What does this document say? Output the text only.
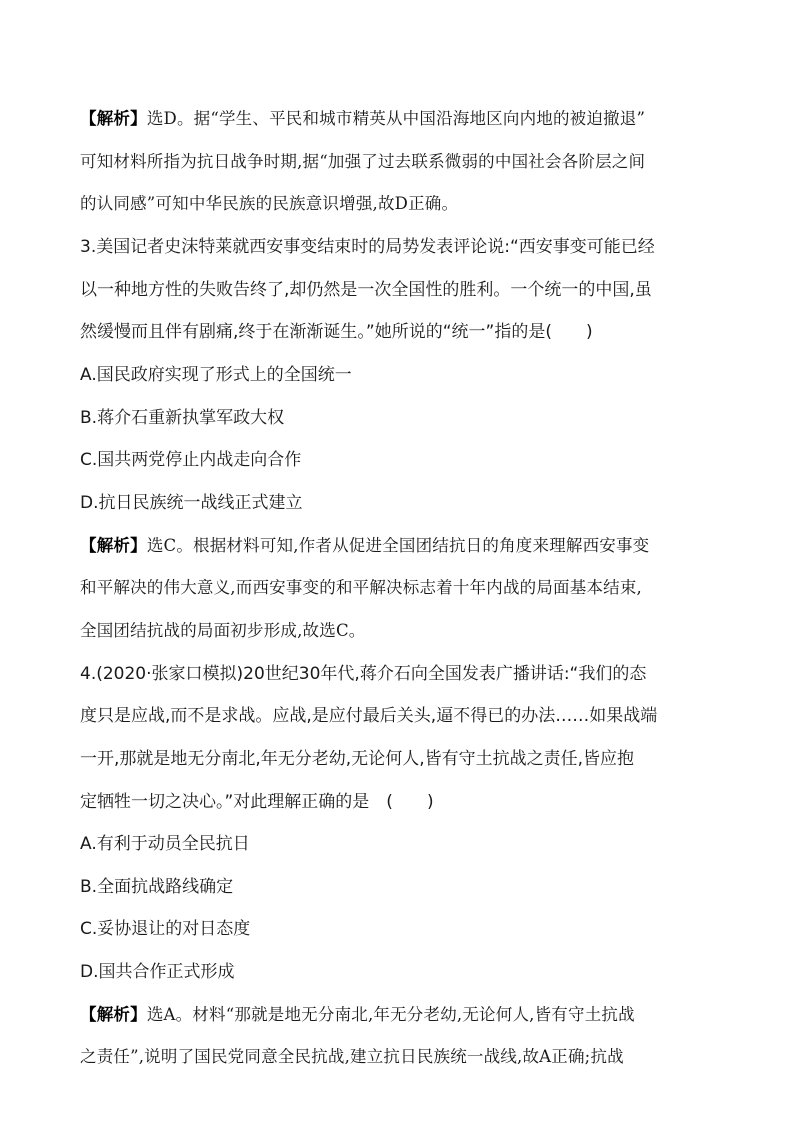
【解析】选D。据“学生、平民和城市精英从中国沿海地区向内地的被迫撤退”
可知材料所指为抗日战争时期,据“加强了过去联系微弱的中国社会各阶层之间
的认同感”可知中华民族的民族意识增强,故D正确。
3.美国记者史沫特莱就西安事变结束时的局势发表评论说:“西安事变可能已经
以一种地方性的失败告终了,却仍然是一次全国性的胜利。一个统一的中国,虽
然缓慢而且伴有剧痛,终于在渐渐诞生。”她所说的“统一”指的是(　　)
A.国民政府实现了形式上的全国统一
B.蒋介石重新执掌军政大权
C.国共两党停止内战走向合作
D.抗日民族统一战线正式建立
【解析】选C。根据材料可知,作者从促进全国团结抗日的角度来理解西安事变
和平解决的伟大意义,而西安事变的和平解决标志着十年内战的局面基本结束,
全国团结抗战的局面初步形成,故选C。
4.(2020·张家口模拟)20世纪30年代,蒋介石向全国发表广播讲话:“我们的态
度只是应战,而不是求战。应战,是应付最后关头,逼不得已的办法……如果战端
一开,那就是地无分南北,年无分老幼,无论何人,皆有守土抗战之责任,皆应抱
定牺牲一切之决心。”对此理解正确的是　(　　)
A.有利于动员全民抗日
B.全面抗战路线确定
C.妥协退让的对日态度
D.国共合作正式形成
【解析】选A。材料“那就是地无分南北,年无分老幼,无论何人,皆有守土抗战
之责任”,说明了国民党同意全民抗战,建立抗日民族统一战线,故A正确;抗战
